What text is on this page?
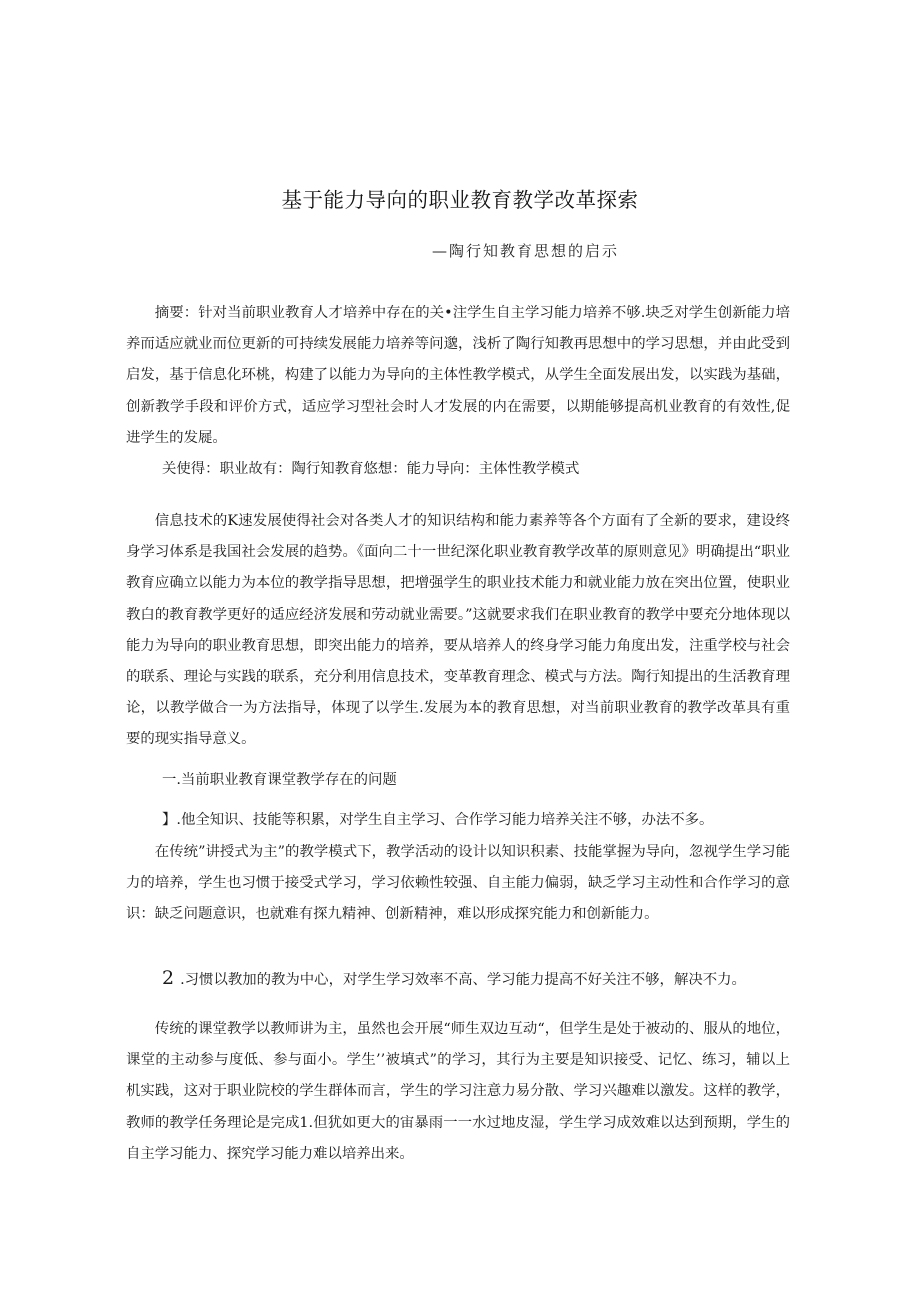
基于能力导向的职业教育教学改革探索
—陶行知教育思想的启示
摘要：针对当前职业教育人才培养中存在的关•注学生自主学习能力培养不够.块乏对学生创新能力培养而适应就业而位更新的可持续发展能力培养等问邈，浅析了陶行知教再思想中的学习思想，并由此受到启发，基于信息化环桃，构建了以能力为导向的主体性教学模式，从学生全面发展出发，以实践为基础，创新教学手段和评价方式，适应学习型社会时人才发展的内在需要，以期能够提高机业教育的有效性,促进学生的发屣。
关使得：职业故有：陶行知教育悠想：能力导向：主体性教学模式
信息技术的K速发展使得社会对各类人才的知识结构和能力素养等各个方面有了全新的要求，建设终身学习体系是我国社会发展的趋势。《面向二十一世纪深化职业教育教学改革的原则意见》明确提出“职业教育应确立以能力为本位的教学指导思想，把增强学生的职业技术能力和就业能力放在突出位置，使职业教白的教育教学更好的适应经济发展和劳动就业需要。”这就要求我们在职业教育的教学中要充分地体现以能力为导向的职业教育思想，即突出能力的培养，要从培养人的终身学习能力角度出发，注重学校与社会的联系、理论与实践的联系，充分利用信息技术，变革教育理念、模式与方法。陶行知提出的生活教育理论，以教学做合一为方法指导，体现了以学生.发展为本的教育思想，对当前职业教育的教学改革具有重要的现实指导意义。
一.当前职业教育课堂教学存在的问题
】.他全知识、技能等积累，对学生自主学习、合作学习能力培养关注不够，办法不多。
在传统”讲授式为主”的教学模式下，教学活动的设计以知识积素、技能掌握为导向，忽视学生学习能力的培养，学生也习惯于接受式学习，学习依赖性较强、自主能力偏弱，缺乏学习主动性和合作学习的意识：缺乏问题意识，也就难有探九精神、创新精神，难以形成探究能力和创新能力。
2 .习惯以教加的教为中心，对学生学习效率不高、学习能力提高不好关注不够，解决不力。
传统的课堂教学以教师讲为主，虽然也会开展“师生双边互动“，但学生是处于被动的、服从的地位，课堂的主动参与度低、参与面小。学生’’被填式”的学习，其行为主要是知识接受、记忆、练习，辅以上机实践，这对于职业院校的学生群体而言，学生的学习注意力易分散、学习兴趣难以激发。这样的教学，教师的教学任务理论是完成1.但犹如更大的宙暴雨一一水过地皮湿，学生学习成效难以达到预期，学生的自主学习能力、探究学习能力难以培养出来。
